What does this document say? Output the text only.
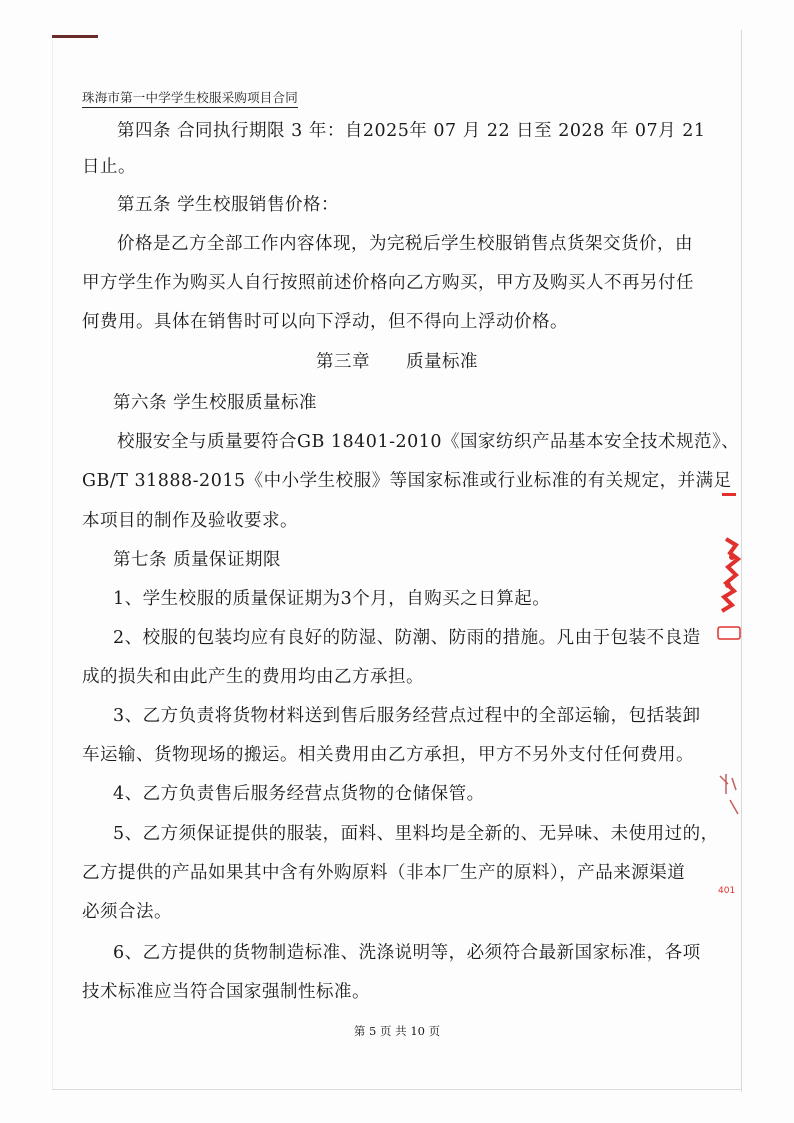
珠海市第一中学学生校服采购项目合同
第四条 合同执行期限 3 年：自2025年 07 月 22 日至 2028 年 07月 21
日止。
第五条 学生校服销售价格：
价格是乙方全部工作内容体现，为完税后学生校服销售点货架交货价，由
甲方学生作为购买人自行按照前述价格向乙方购买，甲方及购买人不再另付任
何费用。具体在销售时可以向下浮动，但不得向上浮动价格。
第三章　　质量标准
第六条 学生校服质量标准
校服安全与质量要符合GB 18401-2010《国家纺织产品基本安全技术规范》、
GB/T 31888-2015《中小学生校服》等国家标准或行业标准的有关规定，并满足
本项目的制作及验收要求。
第七条 质量保证期限
1、学生校服的质量保证期为3个月，自购买之日算起。
2、校服的包装均应有良好的防湿、防潮、防雨的措施。凡由于包装不良造
成的损失和由此产生的费用均由乙方承担。
3、乙方负责将货物材料送到售后服务经营点过程中的全部运输，包括装卸
车运输、货物现场的搬运。相关费用由乙方承担，甲方不另外支付任何费用。
4、乙方负责售后服务经营点货物的仓储保管。
5、乙方须保证提供的服装，面料、里料均是全新的、无异味、未使用过的，
乙方提供的产品如果其中含有外购原料（非本厂生产的原料），产品来源渠道
必须合法。
6、乙方提供的货物制造标准、洗涤说明等，必须符合最新国家标准，各项
技术标准应当符合国家强制性标准。
第 5 页 共 10 页
401
